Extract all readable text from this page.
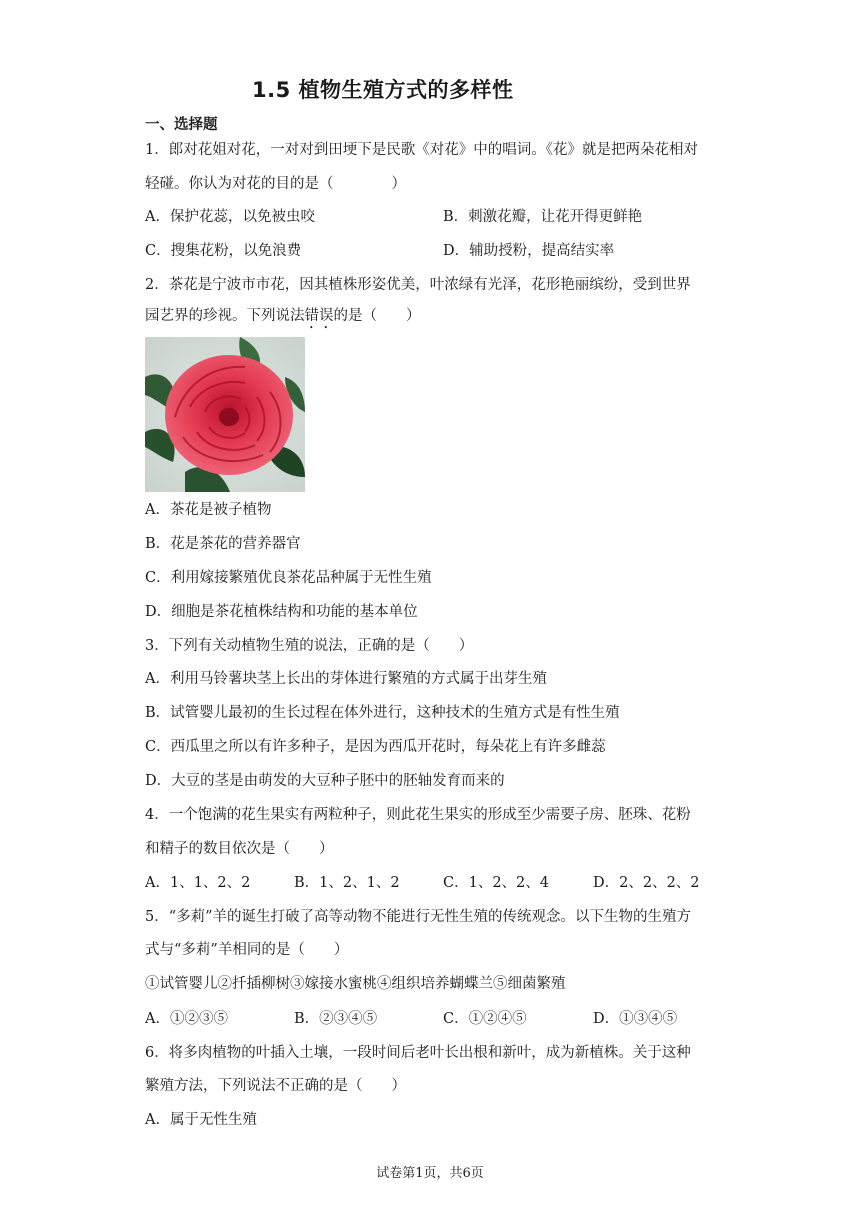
1.5 植物生殖方式的多样性
一、选择题
1．郎对花姐对花，一对对到田埂下是民歌《对花》中的唱词。《花》就是把两朵花相对
轻碰。你认为对花的目的是（　　　　）
A．保护花蕊，以免被虫咬	B．刺激花瓣，让花开得更鲜艳
C．搜集花粉，以免浪费	D．辅助授粉，提高结实率
2．茶花是宁波市市花，因其植株形姿优美，叶浓绿有光泽，花形艳丽缤纷，受到世界
园艺界的珍视。下列说法错误的是（　　）
A．茶花是被子植物
B．花是茶花的营养器官
C．利用嫁接繁殖优良茶花品种属于无性生殖
D．细胞是茶花植株结构和功能的基本单位
3．下列有关动植物生殖的说法，正确的是（　　）
A．利用马铃薯块茎上长出的芽体进行繁殖的方式属于出芽生殖
B．试管婴儿最初的生长过程在体外进行，这种技术的生殖方式是有性生殖
C．西瓜里之所以有许多种子，是因为西瓜开花时，每朵花上有许多雌蕊
D．大豆的茎是由萌发的大豆种子胚中的胚轴发育而来的
4．一个饱满的花生果实有两粒种子，则此花生果实的形成至少需要子房、胚珠、花粉
和精子的数目依次是（　　）
A．1、1、2、2	B．1、2、1、2	C．1、2、2、4	D．2、2、2、2
5．“多莉”羊的诞生打破了高等动物不能进行无性生殖的传统观念。以下生物的生殖方
式与“多莉”羊相同的是（　　）
①试管婴儿②扦插柳树③嫁接水蜜桃④组织培养蝴蝶兰⑤细菌繁殖
A．①②③⑤	B．②③④⑤	C．①②④⑤	D．①③④⑤
6．将多肉植物的叶插入土壤，一段时间后老叶长出根和新叶，成为新植株。关于这种
繁殖方法，下列说法不正确的是（　　）
A．属于无性生殖
试卷第1页，共6页
